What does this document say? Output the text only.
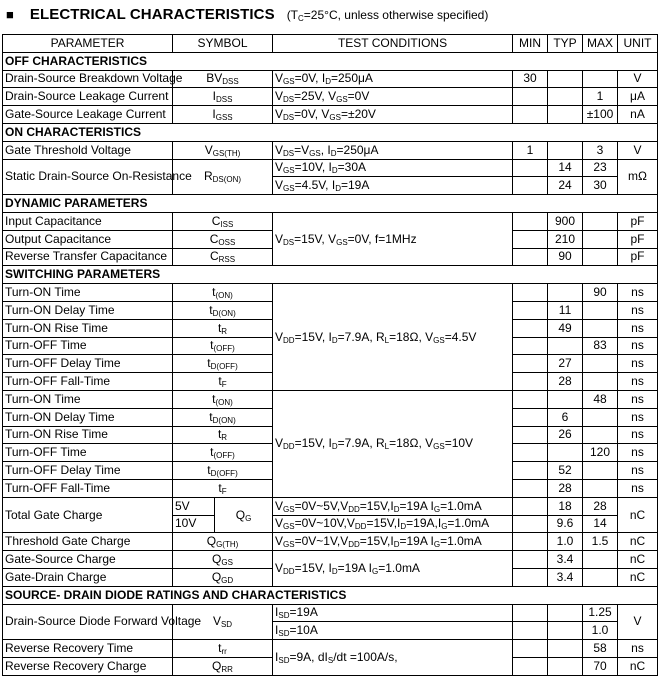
■ ELECTRICAL CHARACTERISTICS ($T_C=25^\circ C$, unless otherwise specified)
PARAMETER	SYMBOL		TEST CONDITIONS	MIN	TYP	MAX	UNIT
OFF CHARACTERISTICS							
Drain-Source Breakdown Voltage	$BV_{DSS}$		$V_{GS}=0V$, $I_D=250\mu A$	30			V
Drain-Source Leakage Current	$I_{DSS}$		$V_{DS}=25V$, $V_{GS}=0V$			1	μA
Gate-Source Leakage Current	$I_{GSS}$		$V_{DS}=0V$, $V_{GS}=\pm 20V$			±100	nA
ON CHARACTERISTICS							
Gate Threshold Voltage	$V_{GS(TH)}$		$V_{DS}=V_{GS}$, $I_D=250\mu A$	1		3	V
Static Drain-Source On-Resistance	$R_{DS(ON)}$		$V_{GS}=10V$, $I_D=30A$		14	23	mΩ
			$V_{GS}=4.5V$, $I_D=19A$		24	30	
DYNAMIC PARAMETERS							
Input Capacitance	$C_{ISS}$		$V_{DS}=15V$, $V_{GS}=0V$, f=1MHz		900		pF
Output Capacitance	$C_{OSS}$				210		pF
Reverse Transfer Capacitance	$C_{RSS}$				90		pF
SWITCHING PARAMETERS							
Turn-ON Time	$t_{(ON)}$		$V_{DD}=15V$, $I_D=7.9A$, $R_L=18\Omega$, $V_{GS}=4.5V$			90	ns
Turn-ON Delay Time	$t_{D(ON)}$				11		ns
Turn-ON Rise Time	$t_R$				49		ns
Turn-OFF Time	$t_{(OFF)}$					83	ns
Turn-OFF Delay Time	$t_{D(OFF)}$				27		ns
Turn-OFF Fall-Time	$t_F$				28		ns
Turn-ON Time	$t_{(ON)}$		$V_{DD}=15V$, $I_D=7.9A$, $R_L=18\Omega$, $V_{GS}=10V$			48	ns
Turn-ON Delay Time	$t_{D(ON)}$				6		ns
Turn-ON Rise Time	$t_R$				26		ns
Turn-OFF Time	$t_{(OFF)}$					120	ns
Turn-OFF Delay Time	$t_{D(OFF)}$				52		ns
Turn-OFF Fall-Time	$t_F$				28		ns
Total Gate Charge	5V	$Q_G$	$V_{GS}=0V\sim 5V,V_{DD}=15V,I_D=19A$ $I_G=1.0mA$		18	28	nC
	10V		$V_{GS}=0V\sim 10V,V_{DD}=15V,I_D=19A,I_G=1.0mA$		9.6	14	
Threshold Gate Charge	$Q_{G(TH)}$		$V_{GS}=0V\sim 1V,V_{DD}=15V,I_D=19A$ $I_G=1.0mA$		1.0	1.5	nC
Gate-Source Charge	$Q_{GS}$		$V_{DD}=15V$, $I_D=19A$ $I_G=1.0mA$		3.4		nC
Gate-Drain Charge	$Q_{GD}$				3.4		nC
SOURCE- DRAIN DIODE RATINGS AND CHARACTERISTICS							
Drain-Source Diode Forward Voltage	$V_{SD}$		$I_{SD}=19A$			1.25	V
			$I_{SD}=10A$			1.0	
Reverse Recovery Time	$t_{rr}$		$I_{SD}=9A$, $dI_S/dt =100A/s$,			58	ns
Reverse Recovery Charge	$Q_{RR}$					70	nC
